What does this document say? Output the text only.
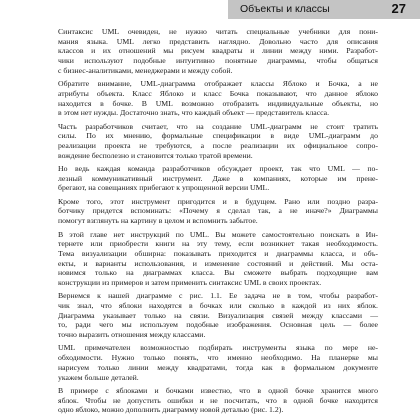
Объекты и классы	27
Синтаксис UML очевиден, не нужно читать специальные учебники для пони-
мания языка. UML легко представить наглядно. Довольно часто для описания
классов и их отношений мы рисуем квадраты и линии между ними. Разработ-
чики используют подобные интуитивно понятные диаграммы, чтобы общаться
с бизнес-аналитиками, менеджерами и между собой.
Обратите внимание, UML-диаграмма отображает классы Яблоко и Бочка, а не
атрибуты объекта. Класс Яблоко и класс Бочка показывают, что данное яблоко
находится в бочке. В UML возможно отобразить индивидуальные объекты, но
в этом нет нужды. Достаточно знать, что каждый объект — представитель класса.
Часть разработчиков считает, что на создание UML-диаграмм не стоит тратить
силы. По их мнению, формальные спецификации в виде UML-диаграмм до
реализации проекта не требуются, а после реализации их официальное сопро-
вождение бесполезно и становится только тратой времени.
Но ведь каждая команда разработчиков обсуждает проект, так что UML — по-
лезный коммуникативный инструмент. Даже в компаниях, которые им прене-
брегают, на совещаниях прибегают к упрощенной версии UML.
Кроме того, этот инструмент пригодится и в будущем. Рано или поздно разра-
ботчику придется вспоминать: «Почему я сделал так, а не иначе?» Диаграммы
помогут взглянуть на картину в целом и вспомнить забытое.
В этой главе нет инструкций по UML. Вы можете самостоятельно поискать в Ин-
тернете или приобрести книги на эту тему, если возникнет такая необходимость.
Тема визуализации обширна: показывать приходится и диаграммы класса, и объ-
екты, и варианты использования, и изменение состояний и действий. Мы оста-
новимся только на диаграммах класса. Вы сможете выбрать подходящие вам
конструкции из примеров и затем применить синтаксис UML в своих проектах.
Вернемся к нашей диаграмме с рис. 1.1. Ее задача не в том, чтобы разработ-
чик знал, что яблоки находятся в бочках или сколько в каждой из них яблок.
Диаграмма указывает только на связи. Визуализация связей между классами —
то, ради чего мы используем подобные изображения. Основная цель — более
точно выразить отношения между классами.
UML примечателен возможностью подбирать инструменты языка по мере не-
обходимости. Нужно только понять, что именно необходимо. На планерке мы
нарисуем только линии между квадратами, тогда как в формальном документе
укажем больше деталей.
В примере с яблоками и бочками известно, что в одной бочке хранится много
яблок. Чтобы не допустить ошибки и не посчитать, что в одной бочке находится
одно яблоко, можно дополнить диаграмму новой деталью (рис. 1.2).
